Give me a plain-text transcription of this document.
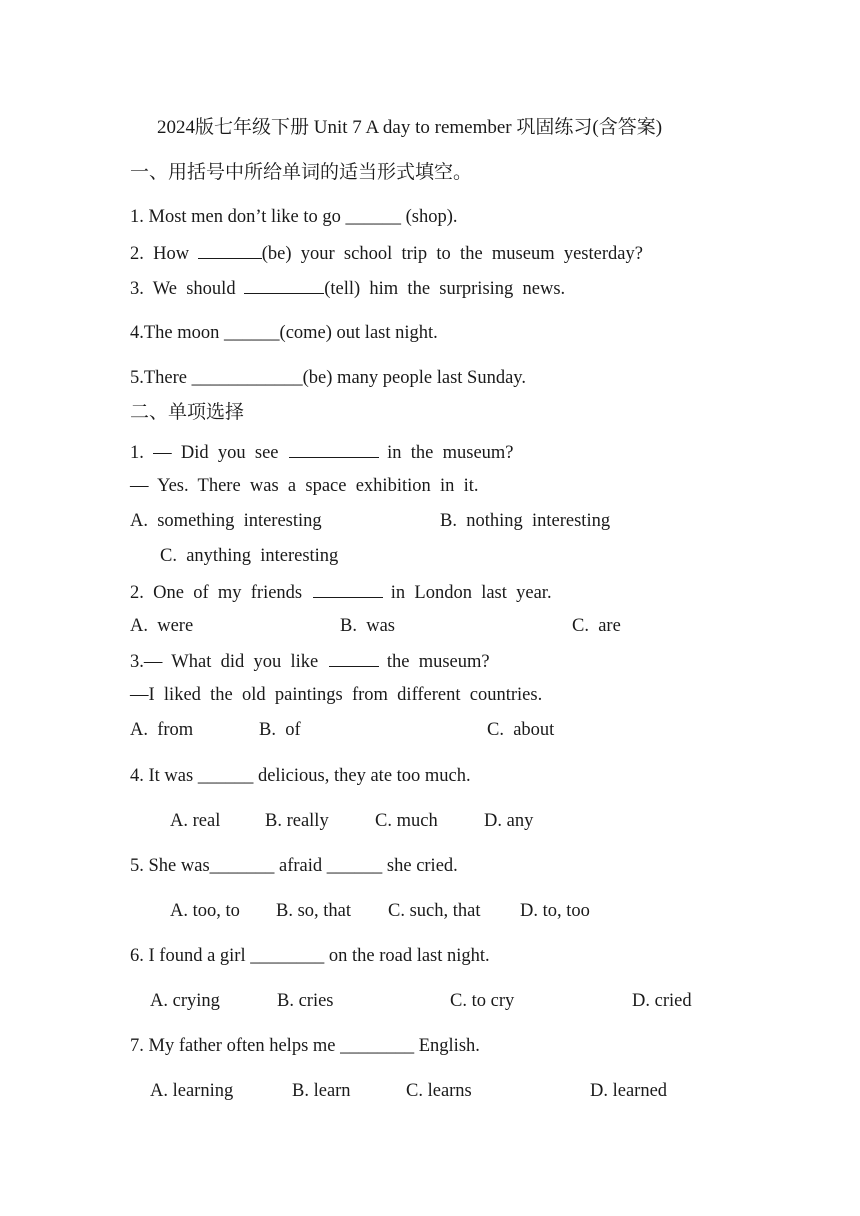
2024版七年级下册 Unit 7 A day to remember 巩固练习(含答案)
一、用括号中所给单词的适当形式填空。
1. Most men don’t like to go ______ (shop).
2.  How	(be)  your  school  trip  to  the  museum  yesterday?
3.  We  should	(tell)  him  the  surprising  news.
4.The moon ______(come) out last night.
5.There ____________(be) many people last Sunday.
二、单项选择
1.  —  Did  you  see	in  the  museum?
—  Yes.  There  was  a  space  exhibition  in  it.
A.  something  interesting	B.  nothing  interesting
C.  anything  interesting
2.  One  of  my  friends	in  London  last  year.
A.  were	B.  was	C.  are
3.—  What  did  you  like	the  museum?
—I  liked  the  old  paintings  from  different  countries.
A.  from	B.  of	C.  about
4. It was ______ delicious, they ate too much.
A. real B. really	C. much	D. any
5. She was_______ afraid ______ she cried.
A. too, to B. so, that C. such, that D. to, too
6. I found a girl ________ on the road last night.
A. crying	B. cries	C. to cry	D. cried
7. My father often helps me ________ English.
A. learning	B. learn	C. learns	D. learned
